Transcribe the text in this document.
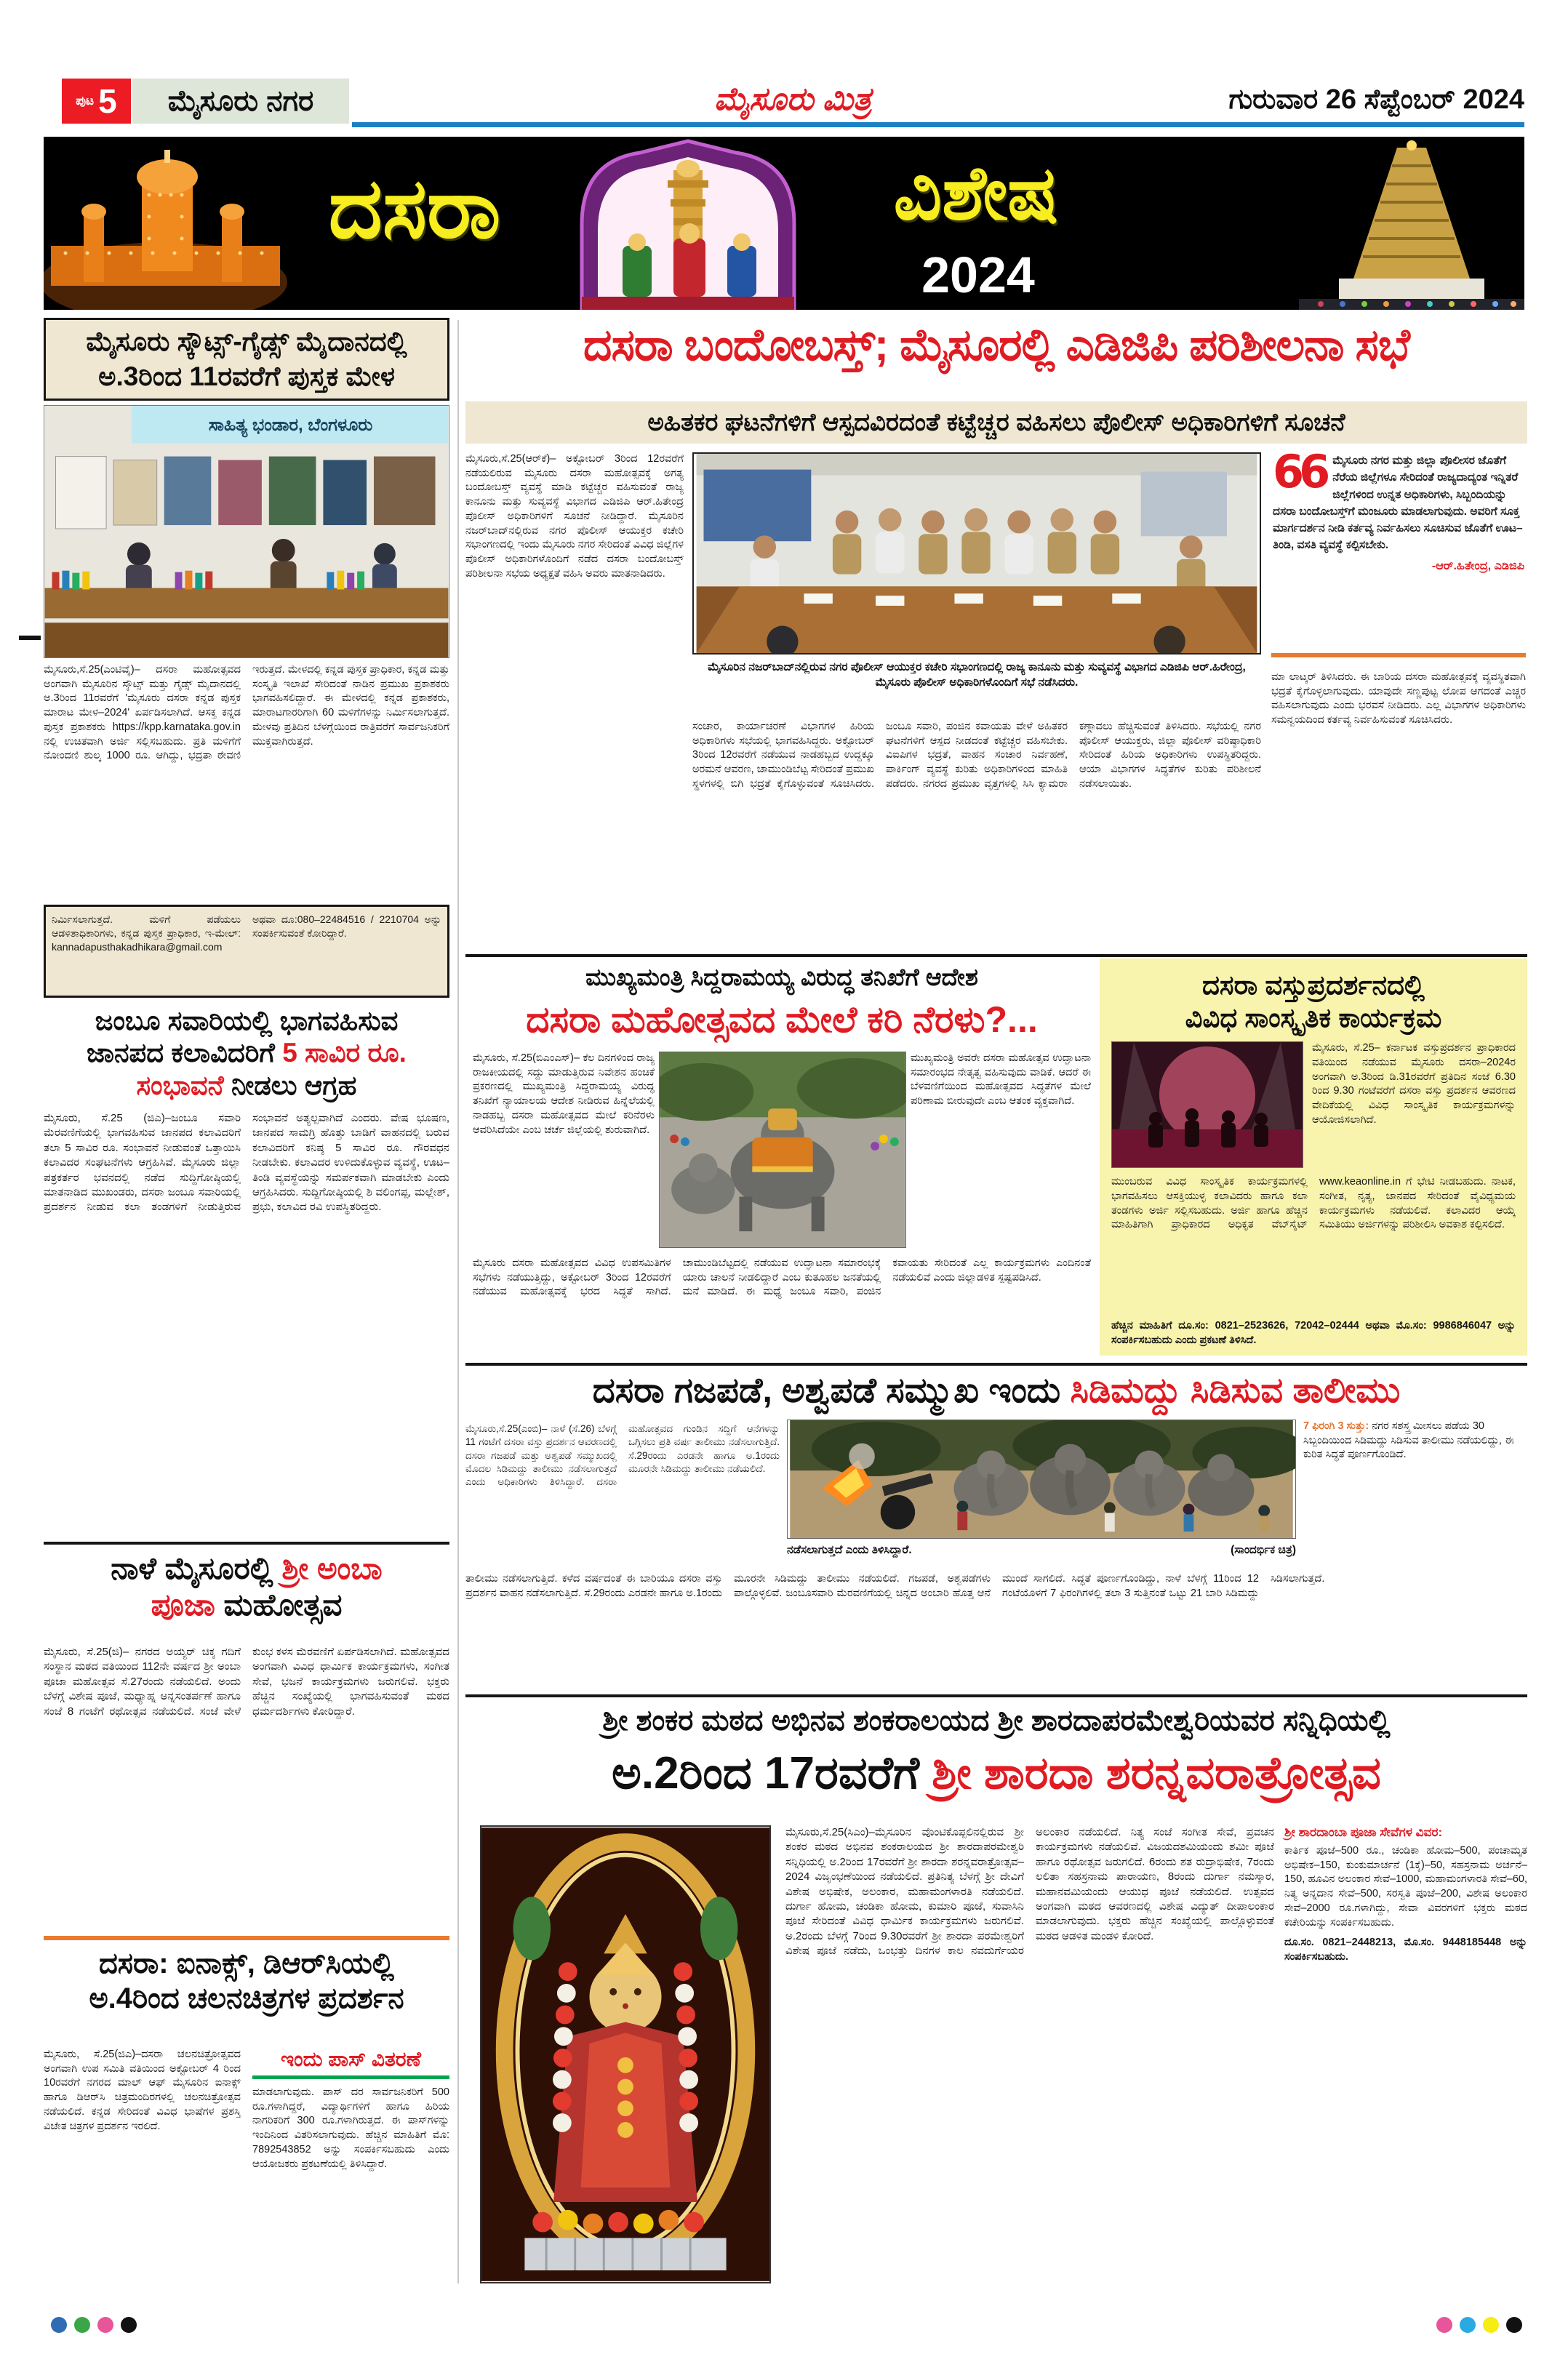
ಪುಟ 5	ಮೈಸೂರು ನಗರ	ಮೈಸೂರು ಮಿತ್ರ	ಗುರುವಾರ 26 ಸೆಪ್ಟೆಂಬರ್ 2024
ದಸರಾ	ವಿಶೇಷ
2024
ಮೈಸೂರು ಸ್ಕೌಟ್ಸ್-ಗೈಡ್ಸ್ ಮೈದಾನದಲ್ಲಿ ಅ.3ರಿಂದ 11ರವರೆಗೆ ಪುಸ್ತಕ ಮೇಳ
ಸಾಹಿತ್ಯ ಭಂಡಾರ, ಬೆಂಗಳೂರು
ಮೈಸೂರು,ಸೆ.25(ಎಂಟಿವೈ)– ದಸರಾ ಮಹೋತ್ಸವದ ಅಂಗವಾಗಿ ಮೈಸೂರಿನ ಸ್ಕೌಟ್ಸ್ ಮತ್ತು ಗೈಡ್ಸ್ ಮೈದಾನದಲ್ಲಿ ಅ.3ರಿಂದ 11ರವರೆಗೆ 'ಮೈಸೂರು ದಸರಾ ಕನ್ನಡ ಪುಸ್ತಕ ಮಾರಾಟ ಮೇಳ–2024' ಏರ್ಪಡಿಸಲಾಗಿದೆ. ಆಸಕ್ತ ಕನ್ನಡ ಪುಸ್ತಕ ಪ್ರಕಾಶಕರು https://kpp.karnataka.gov.in ನಲ್ಲಿ ಉಚಿತವಾಗಿ ಅರ್ಜಿ ಸಲ್ಲಿಸಬಹುದು. ಪ್ರತಿ ಮಳಿಗೆಗೆ ನೋಂದಣಿ ಶುಲ್ಕ 1000 ರೂ. ಆಗಿದ್ದು, ಭದ್ರತಾ ಠೇವಣಿ ಇರುತ್ತದೆ. ಮೇಳದಲ್ಲಿ ಕನ್ನಡ ಪುಸ್ತಕ ಪ್ರಾಧಿಕಾರ, ಕನ್ನಡ ಮತ್ತು ಸಂಸ್ಕೃತಿ ಇಲಾಖೆ ಸೇರಿದಂತೆ ನಾಡಿನ ಪ್ರಮುಖ ಪ್ರಕಾಶಕರು ಭಾಗವಹಿಸಲಿದ್ದಾರೆ. ಈ ಮೇಳದಲ್ಲಿ ಕನ್ನಡ ಪ್ರಕಾಶಕರು, ಮಾರಾಟಗಾರರಿಗಾಗಿ 60 ಮಳಿಗೆಗಳನ್ನು ನಿರ್ಮಿಸಲಾಗುತ್ತದೆ. ಮೇಳವು ಪ್ರತಿದಿನ ಬೆಳಗ್ಗೆಯಿಂದ ರಾತ್ರಿವರೆಗೆ ಸಾರ್ವಜನಿಕರಿಗೆ ಮುಕ್ತವಾಗಿರುತ್ತದೆ.
ನಿರ್ಮಿಸಲಾಗುತ್ತದೆ. ಮಳಿಗೆ ಪಡೆಯಲು ಆಡಳಿತಾಧಿಕಾರಿಗಳು, ಕನ್ನಡ ಪುಸ್ತಕ ಪ್ರಾಧಿಕಾರ, ಇ-ಮೇಲ್: kannadapusthakadhikara@gmail.com ಅಥವಾ ದೂ:080–22484516 / 2210704 ಅನ್ನು ಸಂಪರ್ಕಿಸುವಂತೆ ಕೋರಿದ್ದಾರೆ.
ಜಂಬೂ ಸವಾರಿಯಲ್ಲಿ ಭಾಗವಹಿಸುವ
ಜಾನಪದ ಕಲಾವಿದರಿಗೆ 5 ಸಾವಿರ ರೂ.
ಸಂಭಾವನೆ ನೀಡಲು ಆಗ್ರಹ
ಮೈಸೂರು, ಸೆ.25 (ಜಿಎ)–ಜಂಬೂ ಸವಾರಿ ಮೆರವಣಿಗೆಯಲ್ಲಿ ಭಾಗವಹಿಸುವ ಜಾನಪದ ಕಲಾವಿದರಿಗೆ ತಲಾ 5 ಸಾವಿರ ರೂ. ಸಂಭಾವನೆ ನೀಡುವಂತೆ ಒತ್ತಾಯಿಸಿ ಕಲಾವಿದರ ಸಂಘಟನೆಗಳು ಆಗ್ರಹಿಸಿವೆ. ಮೈಸೂರು ಜಿಲ್ಲಾ ಪತ್ರಕರ್ತರ ಭವನದಲ್ಲಿ ನಡೆದ ಸುದ್ದಿಗೋಷ್ಠಿಯಲ್ಲಿ ಮಾತನಾಡಿದ ಮುಖಂಡರು, ದಸರಾ ಜಂಬೂ ಸವಾರಿಯಲ್ಲಿ ಪ್ರದರ್ಶನ ನೀಡುವ ಕಲಾ ತಂಡಗಳಿಗೆ ನೀಡುತ್ತಿರುವ ಸಂಭಾವನೆ ಅತ್ಯಲ್ಪವಾಗಿದೆ ಎಂದರು. ವೇಷ ಭೂಷಣ, ಜಾನಪದ ಸಾಮಗ್ರಿ ಹೊತ್ತು ಬಾಡಿಗೆ ವಾಹನದಲ್ಲಿ ಬರುವ ಕಲಾವಿದರಿಗೆ ಕನಿಷ್ಠ 5 ಸಾವಿರ ರೂ. ಗೌರವಧನ ನೀಡಬೇಕು. ಕಲಾವಿದರ ಉಳಿದುಕೊಳ್ಳುವ ವ್ಯವಸ್ಥೆ, ಊಟ–ತಿಂಡಿ ವ್ಯವಸ್ಥೆಯನ್ನು ಸಮರ್ಪಕವಾಗಿ ಮಾಡಬೇಕು ಎಂದು ಆಗ್ರಹಿಸಿದರು. ಸುದ್ದಿಗೋಷ್ಠಿಯಲ್ಲಿ ಶಿ ವಲಿಂಗಪ್ಪ, ಮಲ್ಲೇಶ್, ಪ್ರಭು, ಕಲಾವಿದ ರವಿ ಉಪಸ್ಥಿತರಿದ್ದರು.
ನಾಳೆ ಮೈಸೂರಲ್ಲಿ ಶ್ರೀ ಅಂಬಾ
ಪೂಜಾ ಮಹೋತ್ಸವ
ಮೈಸೂರು, ಸೆ.25(ಜಿ)– ನಗರದ ಅಯ್ಯರ್ ಚಿಕ್ಕ ಗದಿಗೆ ಸಂಸ್ಥಾನ ಮಠದ ವತಿಯಿಂದ 112ನೇ ವರ್ಷದ ಶ್ರೀ ಅಂಬಾ ಪೂಜಾ ಮಹೋತ್ಸವ ಸೆ.27ರಂದು ನಡೆಯಲಿದೆ. ಅಂದು ಬೆಳಗ್ಗೆ ವಿಶೇಷ ಪೂಜೆ, ಮಧ್ಯಾಹ್ನ ಅನ್ನಸಂತರ್ಪಣೆ ಹಾಗೂ ಸಂಜೆ 8 ಗಂಟೆಗೆ ರಥೋತ್ಸವ ನಡೆಯಲಿದೆ. ಸಂಜೆ ವೇಳೆ ಕುಂಭ ಕಳಸ ಮೆರವಣಿಗೆ ಏರ್ಪಡಿಸಲಾಗಿದೆ. ಮಹೋತ್ಸವದ ಅಂಗವಾಗಿ ವಿವಿಧ ಧಾರ್ಮಿಕ ಕಾರ್ಯಕ್ರಮಗಳು, ಸಂಗೀತ ಸೇವೆ, ಭಜನೆ ಕಾರ್ಯಕ್ರಮಗಳು ಜರುಗಲಿವೆ. ಭಕ್ತರು ಹೆಚ್ಚಿನ ಸಂಖ್ಯೆಯಲ್ಲಿ ಭಾಗವಹಿಸುವಂತೆ ಮಠದ ಧರ್ಮದರ್ಶಿಗಳು ಕೋರಿದ್ದಾರೆ.
ದಸರಾ: ಐನಾಕ್ಸ್, ಡಿಆರ್‌ಸಿಯಲ್ಲಿ
ಅ.4ರಿಂದ ಚಲನಚಿತ್ರಗಳ ಪ್ರದರ್ಶನ
ಮೈಸೂರು, ಸೆ.25(ಜಿಎ)–ದಸರಾ ಚಲನಚಿತ್ರೋತ್ಸವದ ಅಂಗವಾಗಿ ಉಪ ಸಮಿತಿ ವತಿಯಿಂದ ಅಕ್ಟೋಬರ್ 4 ರಿಂದ 10ರವರೆಗೆ ನಗರದ ಮಾಲ್ ಆಫ್ ಮೈಸೂರಿನ ಐನಾಕ್ಸ್ ಹಾಗೂ ಡಿಆರ್‌ಸಿ ಚಿತ್ರಮಂದಿರಗಳಲ್ಲಿ ಚಲನಚಿತ್ರೋತ್ಸವ ನಡೆಯಲಿದೆ. ಕನ್ನಡ ಸೇರಿದಂತೆ ವಿವಿಧ ಭಾಷೆಗಳ ಪ್ರಶಸ್ತಿ ವಿಜೇತ ಚಿತ್ರಗಳ ಪ್ರದರ್ಶನ ಇರಲಿದೆ.
ಇಂದು ಪಾಸ್ ವಿತರಣೆ
ಮಾಡಲಾಗುವುದು. ಪಾಸ್ ದರ ಸಾರ್ವಜನಿಕರಿಗೆ 500 ರೂ.ಗಳಾಗಿದ್ದರೆ, ವಿದ್ಯಾರ್ಥಿಗಳಿಗೆ ಹಾಗೂ ಹಿರಿಯ ನಾಗರಿಕರಿಗೆ 300 ರೂ.ಗಳಾಗಿರುತ್ತದೆ. ಈ ಪಾಸ್‌ಗಳನ್ನು ಇಂದಿನಿಂದ ವಿತರಿಸಲಾಗುವುದು. ಹೆಚ್ಚಿನ ಮಾಹಿತಿಗೆ ಮೊ: 7892543852 ಅನ್ನು ಸಂಪರ್ಕಿಸಬಹುದು ಎಂದು ಆಯೋಜಕರು ಪ್ರಕಟಣೆಯಲ್ಲಿ ತಿಳಿಸಿದ್ದಾರೆ.
ದಸರಾ ಬಂದೋಬಸ್ತ್; ಮೈಸೂರಲ್ಲಿ ಎಡಿಜಿಪಿ ಪರಿಶೀಲನಾ ಸಭೆ
ಅಹಿತಕರ ಘಟನೆಗಳಿಗೆ ಆಸ್ಪದವಿರದಂತೆ ಕಟ್ಟೆಚ್ಚರ ವಹಿಸಲು ಪೊಲೀಸ್ ಅಧಿಕಾರಿಗಳಿಗೆ ಸೂಚನೆ
ಮೈಸೂರು,ಸೆ.25(ಆರ್‌ಕೆ)– ಅಕ್ಟೋಬರ್ 3ರಿಂದ 12ರವರೆಗೆ ನಡೆಯಲಿರುವ ಮೈಸೂರು ದಸರಾ ಮಹೋತ್ಸವಕ್ಕೆ ಅಗತ್ಯ ಬಂದೋಬಸ್ತ್ ವ್ಯವಸ್ಥೆ ಮಾಡಿ ಕಟ್ಟೆಚ್ಚರ ವಹಿಸುವಂತೆ ರಾಜ್ಯ ಕಾನೂನು ಮತ್ತು ಸುವ್ಯವಸ್ಥೆ ವಿಭಾಗದ ಎಡಿಜಿಪಿ ಆರ್.ಹಿತೇಂದ್ರ ಪೊಲೀಸ್ ಅಧಿಕಾರಿಗಳಿಗೆ ಸೂಚನೆ ನೀಡಿದ್ದಾರೆ. ಮೈಸೂರಿನ ನಜರ್‌ಬಾದ್‌ನಲ್ಲಿರುವ ನಗರ ಪೊಲೀಸ್ ಆಯುಕ್ತರ ಕಚೇರಿ ಸಭಾಂಗಣದಲ್ಲಿ ಇಂದು ಮೈಸೂರು ನಗರ ಸೇರಿದಂತೆ ವಿವಿಧ ಜಿಲ್ಲೆಗಳ ಪೊಲೀಸ್ ಅಧಿಕಾರಿಗಳೊಂದಿಗೆ ನಡೆದ ದಸರಾ ಬಂದೋಬಸ್ತ್ ಪರಿಶೀಲನಾ ಸಭೆಯ ಅಧ್ಯಕ್ಷತೆ ವಹಿಸಿ ಅವರು ಮಾತನಾಡಿದರು.
ಮೈಸೂರಿನ ನಜರ್‌ಬಾದ್‌ನಲ್ಲಿರುವ ನಗರ ಪೊಲೀಸ್ ಆಯುಕ್ತರ ಕಚೇರಿ ಸಭಾಂಗಣದಲ್ಲಿ ರಾಜ್ಯ ಕಾನೂನು ಮತ್ತು ಸುವ್ಯವಸ್ಥೆ ವಿಭಾಗದ ಎಡಿಜಿಪಿ ಆರ್.ಹಿರೇಂದ್ರ, ಮೈಸೂರು ಪೊಲೀಸ್ ಅಧಿಕಾರಿಗಳೊಂದಿಗೆ ಸಭೆ ನಡೆಸಿದರು.
ಸಂಚಾರ, ಕಾರ್ಯಾಚರಣೆ ವಿಭಾಗಗಳ ಹಿರಿಯ ಅಧಿಕಾರಿಗಳು ಸಭೆಯಲ್ಲಿ ಭಾಗವಹಿಸಿದ್ದರು. ಅಕ್ಟೋಬರ್ 3ರಿಂದ 12ರವರೆಗೆ ನಡೆಯುವ ನಾಡಹಬ್ಬದ ಉದ್ದಕ್ಕೂ ಅರಮನೆ ಆವರಣ, ಚಾಮುಂಡಿಬೆಟ್ಟ ಸೇರಿದಂತೆ ಪ್ರಮುಖ ಸ್ಥಳಗಳಲ್ಲಿ ಬಿಗಿ ಭದ್ರತೆ ಕೈಗೊಳ್ಳುವಂತೆ ಸೂಚಿಸಿದರು. ಜಂಬೂ ಸವಾರಿ, ಪಂಜಿನ ಕವಾಯತು ವೇಳೆ ಅಹಿತಕರ ಘಟನೆಗಳಿಗೆ ಆಸ್ಪದ ನೀಡದಂತೆ ಕಟ್ಟೆಚ್ಚರ ವಹಿಸಬೇಕು. ವಿಐಪಿಗಳ ಭದ್ರತೆ, ವಾಹನ ಸಂಚಾರ ನಿರ್ವಹಣೆ, ಪಾರ್ಕಿಂಗ್ ವ್ಯವಸ್ಥೆ ಕುರಿತು ಅಧಿಕಾರಿಗಳಿಂದ ಮಾಹಿತಿ ಪಡೆದರು. ನಗರದ ಪ್ರಮುಖ ವೃತ್ತಗಳಲ್ಲಿ ಸಿಸಿ ಕ್ಯಾಮರಾ ಕಣ್ಗಾವಲು ಹೆಚ್ಚಿಸುವಂತೆ ತಿಳಿಸಿದರು. ಸಭೆಯಲ್ಲಿ ನಗರ ಪೊಲೀಸ್ ಆಯುಕ್ತರು, ಜಿಲ್ಲಾ ಪೊಲೀಸ್ ವರಿಷ್ಠಾಧಿಕಾರಿ ಸೇರಿದಂತೆ ಹಿರಿಯ ಅಧಿಕಾರಿಗಳು ಉಪಸ್ಥಿತರಿದ್ದರು. ಆಯಾ ವಿಭಾಗಗಳ ಸಿದ್ಧತೆಗಳ ಕುರಿತು ಪರಿಶೀಲನೆ ನಡೆಸಲಾಯಿತು.
66 ಮೈಸೂರು ನಗರ ಮತ್ತು ಜಿಲ್ಲಾ ಪೊಲೀಸರ ಜೊತೆಗೆ ನೆರೆಯ ಜಿಲ್ಲೆಗಳೂ ಸೇರಿದಂತೆ ರಾಜ್ಯದಾದ್ಯಂತ ಇನ್ನಿತರೆ ಜಿಲ್ಲೆಗಳಿಂದ ಉನ್ನತ ಅಧಿಕಾರಿಗಳು, ಸಿಬ್ಬಂದಿಯನ್ನು ದಸರಾ ಬಂದೋಬಸ್ತ್‌ಗೆ ಮಂಜೂರು ಮಾಡಲಾಗುವುದು. ಅವರಿಗೆ ಸೂಕ್ತ ಮಾರ್ಗದರ್ಶನ ನೀಡಿ ಕರ್ತವ್ಯ ನಿರ್ವಹಿಸಲು ಸೂಚಿಸುವ ಜೊತೆಗೆ ಊಟ–ತಿಂಡಿ, ವಸತಿ ವ್ಯವಸ್ಥೆ ಕಲ್ಪಿಸಬೇಕು.
-ಆರ್.ಹಿತೇಂದ್ರ, ಎಡಿಜಿಪಿ
ಮಾ ಲಾಟ್ಕರ್ ತಿಳಿಸಿದರು. ಈ ಬಾರಿಯ ದಸರಾ ಮಹೋತ್ಸವಕ್ಕೆ ವ್ಯವಸ್ಥಿತವಾಗಿ ಭದ್ರತೆ ಕೈಗೊಳ್ಳಲಾಗುವುದು. ಯಾವುದೇ ಸಣ್ಣಪುಟ್ಟ ಲೋಪ ಆಗದಂತೆ ಎಚ್ಚರ ವಹಿಸಲಾಗುವುದು ಎಂದು ಭರವಸೆ ನೀಡಿದರು. ಎಲ್ಲ ವಿಭಾಗಗಳ ಅಧಿಕಾರಿಗಳು ಸಮನ್ವಯದಿಂದ ಕರ್ತವ್ಯ ನಿರ್ವಹಿಸುವಂತೆ ಸೂಚಿಸಿದರು.
ಮುಖ್ಯಮಂತ್ರಿ ಸಿದ್ದರಾಮಯ್ಯ ವಿರುದ್ಧ ತನಿಖೆಗೆ ಆದೇಶ
ದಸರಾ ಮಹೋತ್ಸವದ ಮೇಲೆ ಕರಿ ನೆರಳು?...
ಮೈಸೂರು, ಸೆ.25(ಬಿಎಂಎಸ್)– ಕೆಲ ದಿನಗಳಿಂದ ರಾಜ್ಯ ರಾಜಕೀಯದಲ್ಲಿ ಸದ್ದು ಮಾಡುತ್ತಿರುವ ನಿವೇಶನ ಹಂಚಿಕೆ ಪ್ರಕರಣದಲ್ಲಿ ಮುಖ್ಯಮಂತ್ರಿ ಸಿದ್ದರಾಮಯ್ಯ ವಿರುದ್ಧ ತನಿಖೆಗೆ ನ್ಯಾಯಾಲಯ ಆದೇಶ ನೀಡಿರುವ ಹಿನ್ನೆಲೆಯಲ್ಲಿ ನಾಡಹಬ್ಬ ದಸರಾ ಮಹೋತ್ಸವದ ಮೇಲೆ ಕರಿನೆರಳು ಆವರಿಸಿದೆಯೇ ಎಂಬ ಚರ್ಚೆ ಜಿಲ್ಲೆಯಲ್ಲಿ ಶುರುವಾಗಿದೆ.
ಮುಖ್ಯಮಂತ್ರಿ ಅವರೇ ದಸರಾ ಮಹೋತ್ಸವ ಉದ್ಘಾಟನಾ ಸಮಾರಂಭದ ನೇತೃತ್ವ ವಹಿಸುವುದು ವಾಡಿಕೆ. ಆದರೆ ಈ ಬೆಳವಣಿಗೆಯಿಂದ ಮಹೋತ್ಸವದ ಸಿದ್ಧತೆಗಳ ಮೇಲೆ ಪರಿಣಾಮ ಬೀರುವುದೇ ಎಂಬ ಆತಂಕ ವ್ಯಕ್ತವಾಗಿದೆ.
ಮೈಸೂರು ದಸರಾ ಮಹೋತ್ಸವದ ವಿವಿಧ ಉಪಸಮಿತಿಗಳ ಸಭೆಗಳು ನಡೆಯುತ್ತಿದ್ದು, ಅಕ್ಟೋಬರ್ 3ರಿಂದ 12ರವರೆಗೆ ನಡೆಯುವ ಮಹೋತ್ಸವಕ್ಕೆ ಭರದ ಸಿದ್ಧತೆ ಸಾಗಿದೆ. ಚಾಮುಂಡಿಬೆಟ್ಟದಲ್ಲಿ ನಡೆಯುವ ಉದ್ಘಾಟನಾ ಸಮಾರಂಭಕ್ಕೆ ಯಾರು ಚಾಲನೆ ನೀಡಲಿದ್ದಾರೆ ಎಂಬ ಕುತೂಹಲ ಜನತೆಯಲ್ಲಿ ಮನೆ ಮಾಡಿದೆ. ಈ ಮಧ್ಯೆ ಜಂಬೂ ಸವಾರಿ, ಪಂಜಿನ ಕವಾಯತು ಸೇರಿದಂತೆ ಎಲ್ಲ ಕಾರ್ಯಕ್ರಮಗಳು ಎಂದಿನಂತೆ ನಡೆಯಲಿವೆ ಎಂದು ಜಿಲ್ಲಾಡಳಿತ ಸ್ಪಷ್ಟಪಡಿಸಿದೆ.
ದಸರಾ ವಸ್ತುಪ್ರದರ್ಶನದಲ್ಲಿ
ವಿವಿಧ ಸಾಂಸ್ಕೃತಿಕ ಕಾರ್ಯಕ್ರಮ
ಮೈಸೂರು, ಸೆ.25– ಕರ್ನಾಟಕ ವಸ್ತುಪ್ರದರ್ಶನ ಪ್ರಾಧಿಕಾರದ ವತಿಯಿಂದ ನಡೆಯುವ ಮೈಸೂರು ದಸರಾ–2024ರ ಅಂಗವಾಗಿ ಅ.3ರಿಂದ ಡಿ.31ರವರೆಗೆ ಪ್ರತಿದಿನ ಸಂಜೆ 6.30 ರಿಂದ 9.30 ಗಂಟೆವರೆಗೆ ದಸರಾ ವಸ್ತು ಪ್ರದರ್ಶನ ಆವರಣದ ವೇದಿಕೆಯಲ್ಲಿ ವಿವಿಧ ಸಾಂಸ್ಕೃತಿಕ ಕಾರ್ಯಕ್ರಮಗಳನ್ನು ಆಯೋಜಿಸಲಾಗಿದೆ.
ಮುಂಬರುವ ವಿವಿಧ ಸಾಂಸ್ಕೃತಿಕ ಕಾರ್ಯಕ್ರಮಗಳಲ್ಲಿ ಭಾಗವಹಿಸಲು ಆಸಕ್ತಿಯುಳ್ಳ ಕಲಾವಿದರು ಹಾಗೂ ಕಲಾ ತಂಡಗಳು ಅರ್ಜಿ ಸಲ್ಲಿಸಬಹುದು. ಅರ್ಜಿ ಹಾಗೂ ಹೆಚ್ಚಿನ ಮಾಹಿತಿಗಾಗಿ ಪ್ರಾಧಿಕಾರದ ಅಧಿಕೃತ ವೆಬ್‌ಸೈಟ್ www.keaonline.in ಗೆ ಭೇಟಿ ನೀಡಬಹುದು. ನಾಟಕ, ಸಂಗೀತ, ನೃತ್ಯ, ಜಾನಪದ ಸೇರಿದಂತೆ ವೈವಿಧ್ಯಮಯ ಕಾರ್ಯಕ್ರಮಗಳು ನಡೆಯಲಿವೆ. ಕಲಾವಿದರ ಆಯ್ಕೆ ಸಮಿತಿಯು ಅರ್ಜಿಗಳನ್ನು ಪರಿಶೀಲಿಸಿ ಅವಕಾಶ ಕಲ್ಪಿಸಲಿದೆ.
ಹೆಚ್ಚಿನ ಮಾಹಿತಿಗೆ ದೂ.ಸಂ: 0821–2523626, 72042–02444 ಅಥವಾ ಮೊ.ಸಂ: 9986846047 ಅನ್ನು ಸಂಪರ್ಕಿಸಬಹುದು ಎಂದು ಪ್ರಕಟಣೆ ತಿಳಿಸಿದೆ.
ದಸರಾ ಗಜಪಡೆ, ಅಶ್ವಪಡೆ ಸಮ್ಮುಖ ಇಂದು ಸಿಡಿಮದ್ದು ಸಿಡಿಸುವ ತಾಲೀಮು
ಮೈಸೂರು,ಸೆ.25(ಎಂಬಿ)– ನಾಳೆ (ಸೆ.26) ಬೆಳಗ್ಗೆ 11 ಗಂಟೆಗೆ ದಸರಾ ವಸ್ತು ಪ್ರದರ್ಶನ ಆವರಣದಲ್ಲಿ ದಸರಾ ಗಜಪಡೆ ಮತ್ತು ಅಶ್ವಪಡೆ ಸಮ್ಮುಖದಲ್ಲಿ ಮೊದಲ ಸಿಡಿಮದ್ದು ತಾಲೀಮು ನಡೆಸಲಾಗುತ್ತದೆ ಎಂದು ಅಧಿಕಾರಿಗಳು ತಿಳಿಸಿದ್ದಾರೆ. ದಸರಾ ಮಹೋತ್ಸವದ ಗುಂಡಿನ ಸದ್ದಿಗೆ ಆನೆಗಳನ್ನು ಒಗ್ಗಿಸಲು ಪ್ರತಿ ವರ್ಷ ತಾಲೀಮು ನಡೆಸಲಾಗುತ್ತಿದೆ. ಸೆ.29ರಂದು ಎರಡನೇ ಹಾಗೂ ಅ.1ರಂದು ಮೂರನೇ ಸಿಡಿಮದ್ದು ತಾಲೀಮು ನಡೆಯಲಿದೆ.
7 ಫಿರಂಗಿ 3 ಸುತ್ತು: ನಗರ ಸಶಸ್ತ್ರ ಮೀಸಲು ಪಡೆಯ 30 ಸಿಬ್ಬಂದಿಯಿಂದ ಸಿಡಿಮದ್ದು ಸಿಡಿಸುವ ತಾಲೀಮು ನಡೆಯಲಿದ್ದು, ಈ ಕುರಿತ ಸಿದ್ಧತೆ ಪೂರ್ಣಗೊಂಡಿದೆ.
ನಡೆಸಲಾಗುತ್ತದೆ ಎಂದು ತಿಳಿಸಿದ್ದಾರೆ.	(ಸಾಂದರ್ಭಿಕ ಚಿತ್ರ)
ತಾಲೀಮು ನಡೆಸಲಾಗುತ್ತಿದೆ. ಕಳೆದ ವರ್ಷದಂತೆ ಈ ಬಾರಿಯೂ ದಸರಾ ವಸ್ತು ಪ್ರದರ್ಶನ ವಾಹನ ನಡೆಸಲಾಗುತ್ತಿದೆ. ಸೆ.29ರಂದು ಎರಡನೇ ಹಾಗೂ ಅ.1ರಂದು ಮೂರನೇ ಸಿಡಿಮದ್ದು ತಾಲೀಮು ನಡೆಯಲಿದೆ. ಗಜಪಡೆ, ಅಶ್ವಪಡೆಗಳು ಪಾಲ್ಗೊಳ್ಳಲಿವೆ. ಜಂಬೂಸವಾರಿ ಮೆರವಣಿಗೆಯಲ್ಲಿ ಚಿನ್ನದ ಅಂಬಾರಿ ಹೊತ್ತ ಆನೆ ಮುಂದೆ ಸಾಗಲಿದೆ. ಸಿದ್ಧತೆ ಪೂರ್ಣಗೊಂಡಿದ್ದು, ನಾಳೆ ಬೆಳಗ್ಗೆ 11ರಿಂದ 12 ಗಂಟೆಯೊಳಗೆ 7 ಫಿರಂಗಿಗಳಲ್ಲಿ ತಲಾ 3 ಸುತ್ತಿನಂತೆ ಒಟ್ಟು 21 ಬಾರಿ ಸಿಡಿಮದ್ದು ಸಿಡಿಸಲಾಗುತ್ತದೆ.
ಶ್ರೀ ಶಂಕರ ಮಠದ ಅಭಿನವ ಶಂಕರಾಲಯದ ಶ್ರೀ ಶಾರದಾಪರಮೇಶ್ವರಿಯವರ ಸನ್ನಿಧಿಯಲ್ಲಿ
ಅ.2ರಿಂದ 17ರವರೆಗೆ ಶ್ರೀ ಶಾರದಾ ಶರನ್ನವರಾತ್ರೋತ್ಸವ
ಮೈಸೂರು,ಸೆ.25(ಸಿಎಂ)–ಮೈಸೂರಿನ ವೊಂಟಿಕೊಪ್ಪಲಿನಲ್ಲಿರುವ ಶ್ರೀ ಶಂಕರ ಮಠದ ಅಭಿನವ ಶಂಕರಾಲಯದ ಶ್ರೀ ಶಾರದಾಪರಮೇಶ್ವರಿ ಸನ್ನಿಧಿಯಲ್ಲಿ ಅ.2ರಿಂದ 17ರವರೆಗೆ ಶ್ರೀ ಶಾರದಾ ಶರನ್ನವರಾತ್ರೋತ್ಸವ–2024 ವಿಜೃಂಭಣೆಯಿಂದ ನಡೆಯಲಿದೆ. ಪ್ರತಿನಿತ್ಯ ಬೆಳಗ್ಗೆ ಶ್ರೀ ದೇವಿಗೆ ವಿಶೇಷ ಅಭಿಷೇಕ, ಅಲಂಕಾರ, ಮಹಾಮಂಗಳಾರತಿ ನಡೆಯಲಿದೆ. ದುರ್ಗಾ ಹೋಮ, ಚಂಡಿಕಾ ಹೋಮ, ಕುಮಾರಿ ಪೂಜೆ, ಸುವಾಸಿನಿ ಪೂಜೆ ಸೇರಿದಂತೆ ವಿವಿಧ ಧಾರ್ಮಿಕ ಕಾರ್ಯಕ್ರಮಗಳು ಜರುಗಲಿವೆ. ಅ.2ರಂದು ಬೆಳಗ್ಗೆ 7ರಿಂದ 9.30ರವರೆಗೆ ಶ್ರೀ ಶಾರದಾ ಪರಮೇಶ್ವರಿಗೆ ವಿಶೇಷ ಪೂಜೆ ನಡೆದು, ಒಂಭತ್ತು ದಿನಗಳ ಕಾಲ ನವದುರ್ಗೆಯರ ಅಲಂಕಾರ ನಡೆಯಲಿದೆ. ನಿತ್ಯ ಸಂಜೆ ಸಂಗೀತ ಸೇವೆ, ಪ್ರವಚನ ಕಾರ್ಯಕ್ರಮಗಳು ನಡೆಯಲಿವೆ. ವಿಜಯದಶಮಿಯಂದು ಶಮೀ ಪೂಜೆ ಹಾಗೂ ರಥೋತ್ಸವ ಜರುಗಲಿದೆ. 6ರಂದು ಶತ ರುದ್ರಾಭಿಷೇಕ, 7ರಂದು ಲಲಿತಾ ಸಹಸ್ರನಾಮ ಪಾರಾಯಣ, 8ರಂದು ದುರ್ಗಾ ನಮಸ್ಕಾರ, ಮಹಾನವಮಿಯಂದು ಆಯುಧ ಪೂಜೆ ನಡೆಯಲಿದೆ. ಉತ್ಸವದ ಅಂಗವಾಗಿ ಮಠದ ಆವರಣದಲ್ಲಿ ವಿಶೇಷ ವಿದ್ಯುತ್ ದೀಪಾಲಂಕಾರ ಮಾಡಲಾಗುವುದು. ಭಕ್ತರು ಹೆಚ್ಚಿನ ಸಂಖ್ಯೆಯಲ್ಲಿ ಪಾಲ್ಗೊಳ್ಳುವಂತೆ ಮಠದ ಆಡಳಿತ ಮಂಡಳಿ ಕೋರಿದೆ.
ಶ್ರೀ ಶಾರದಾಂಬಾ ಪೂಜಾ ಸೇವೆಗಳ ವಿವರ:
ಕಾರ್ತಿಕ ಪೂಜೆ–500 ರೂ., ಚಂಡಿಕಾ ಹೋಮ–500, ಪಂಚಾಮೃತ ಅಭಿಷೇಕ–150, ಕುಂಕುಮಾರ್ಚನೆ (1ಕ್ಕೆ)–50, ಸಹಸ್ರನಾಮ ಅರ್ಚನೆ–150, ಹೂವಿನ ಅಲಂಕಾರ ಸೇವೆ–1000, ಮಹಾಮಂಗಳಾರತಿ ಸೇವೆ–60, ನಿತ್ಯ ಅನ್ನದಾನ ಸೇವೆ–500, ಸರಸ್ವತಿ ಪೂಜೆ–200, ವಿಶೇಷ ಅಲಂಕಾರ ಸೇವೆ–2000 ರೂ.ಗಳಾಗಿದ್ದು, ಸೇವಾ ವಿವರಗಳಿಗೆ ಭಕ್ತರು ಮಠದ ಕಚೇರಿಯನ್ನು ಸಂಪರ್ಕಿಸಬಹುದು.
ದೂ.ಸಂ. 0821–2448213, ಮೊ.ಸಂ. 9448185448 ಅನ್ನು ಸಂಪರ್ಕಿಸಬಹುದು.
